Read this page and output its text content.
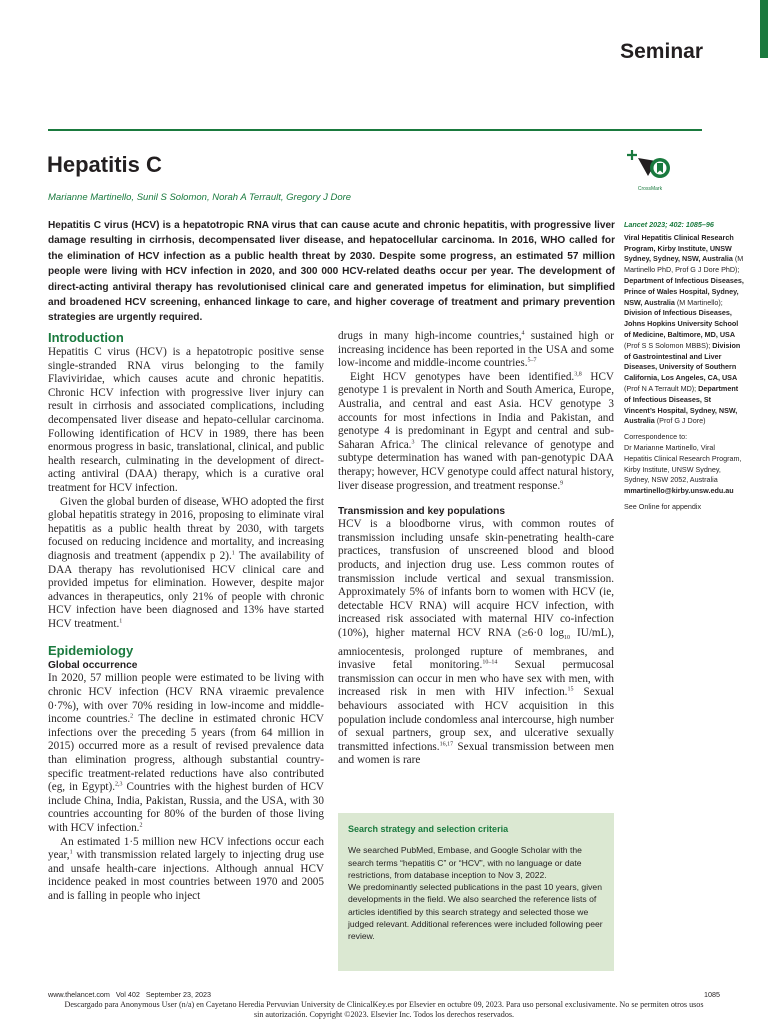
Seminar
Hepatitis C
Marianne Martinello, Sunil S Solomon, Norah A Terrault, Gregory J Dore
CrossMark

Hepatitis C virus (HCV) is a hepatotropic RNA virus that can cause acute and chronic hepatitis, with progressive liver damage resulting in cirrhosis, decompensated liver disease, and hepatocellular carcinoma. In 2016, WHO called for the elimination of HCV infection as a public health threat by 2030. Despite some progress, an estimated 57 million people were living with HCV infection in 2020, and 300 000 HCV-related deaths occur per year. The development of direct-acting antiviral therapy has revolutionised clinical care and generated impetus for elimination, but simplified and broadened HCV screening, enhanced linkage to care, and higher coverage of treatment and primary prevention strategies are urgently required.

Introduction

Hepatitis C virus (HCV) is a hepatotropic positive sense single-stranded RNA virus belonging to the family Flaviviridae, which causes acute and chronic hepatitis. Chronic HCV infection with progressive liver injury can result in cirrhosis and associated complications, including decompensated liver disease and hepato-cellular carcinoma. Following identification of HCV in 1989, there has been enormous progress in basic, translational, clinical, and public health research, culminating in the development of direct-acting antiviral (DAA) therapy, which is a curative oral treatment for HCV infection.

Given the global burden of disease, WHO adopted the first global hepatitis strategy in 2016, proposing to eliminate viral hepatitis as a public health threat by 2030, with targets focused on reducing incidence and mortality, and increasing diagnosis and treatment (appendix p 2).$^1$ The availability of DAA therapy has revolutionised HCV clinical care and provided impetus for elimination. However, despite major advances in therapeutics, only 21% of people with chronic HCV infection have been diagnosed and 13% have started HCV treatment.$^1$

Epidemiology
Global occurrence

In 2020, 57 million people were estimated to be living with chronic HCV infection (HCV RNA viraemic prevalence 0·7%), with over 70% residing in low-income and middle-income countries.$^2$ The decline in estimated chronic HCV infections over the preceding 5 years (from 64 million in 2015) occurred more as a result of revised prevalence data than elimination progress, although substantial country-specific treatment-related reductions have also contributed (eg, in Egypt).$^{2,3}$ Countries with the highest burden of HCV include China, India, Pakistan, Russia, and the USA, with 30 countries accounting for 80% of the burden of those living with HCV infection.$^2$

An estimated 1·5 million new HCV infections occur each year,$^1$ with transmission related largely to injecting drug use and unsafe health-care injections. Although annual HCV incidence peaked in most countries between 1970 and 2005 and is falling in people who inject

drugs in many high-income countries,$^4$ sustained high or increasing incidence has been reported in the USA and some low-income and middle-income countries.$^{5-7}$

Eight HCV genotypes have been identified.$^{3,8}$ HCV genotype 1 is prevalent in North and South America, Europe, Australia, and central and east Asia. HCV genotype 3 accounts for most infections in India and Pakistan, and genotype 4 is predominant in Egypt and central and sub-Saharan Africa.$^3$ The clinical relevance of genotype and subtype determination has waned with pan-genotypic DAA therapy; however, HCV genotype could affect natural history, liver disease progression, and treatment response.$^9$

Transmission and key populations

HCV is a bloodborne virus, with common routes of transmission including unsafe skin-penetrating health-care practices, transfusion of unscreened blood and blood products, and injection drug use. Less common routes of transmission include vertical and sexual transmission. Approximately 5% of infants born to women with HCV (ie, detectable HCV RNA) will acquire HCV infection, with increased risk associated with maternal HIV co-infection (10%), higher maternal HCV RNA (≥6·0 $\log_{10} IU/mL$), amniocentesis, prolonged rupture of membranes, and invasive fetal monitoring.$^{10-14}$ Sexual permucosal transmission can occur in men who have sex with men, with increased risk in men with HIV infection.$^{15}$ Sexual behaviours associated with HCV acquisition in this population include condomless anal intercourse, high number of sexual partners, group sex, and ulcerative sexually transmitted infections.$^{16,17}$ Sexual transmission between men and women is rare

Search strategy and selection criteria

We searched PubMed, Embase, and Google Scholar with the search terms “hepatitis C” or “HCV”, with no language or date restrictions, from database inception to Nov 3, 2022.

We predominantly selected publications in the past 10 years, given developments in the field. We also searched the reference lists of articles identified by this search strategy and selected those we judged relevant. Additional references were included following peer review.

Lancet 2023; 402: 1085–96

Viral Hepatitis Clinical Research Program, Kirby Institute, UNSW Sydney, Sydney, NSW, Australia (M Martinello PhD, Prof G J Dore PhD); Department of Infectious Diseases, Prince of Wales Hospital, Sydney, NSW, Australia (M Martinello); Division of Infectious Diseases, Johns Hopkins University School of Medicine, Baltimore, MD, USA (Prof S S Solomon MBBS); Division of Gastrointestinal and Liver Diseases, University of Southern California, Los Angeles, CA, USA (Prof N A Terrault MD); Department of Infectious Diseases, St Vincent’s Hospital, Sydney, NSW, Australia (Prof G J Dore)

Correspondence to:
Dr Marianne Martinello, Viral Hepatitis Clinical Research Program, Kirby Institute, UNSW Sydney, Sydney, NSW 2052, Australia
mmartinello@kirby.unsw.edu.au

See Online for appendix

www.thelancet.com   Vol 402   September 23, 2023	1085
Descargado para Anonymous User (n/a) en Cayetano Heredia Pervuvian University de ClinicalKey.es por Elsevier en octubre 09, 2023. Para uso personal exclusivamente. No se permiten otros usos sin autorización. Copyright ©2023. Elsevier Inc. Todos los derechos reservados.
